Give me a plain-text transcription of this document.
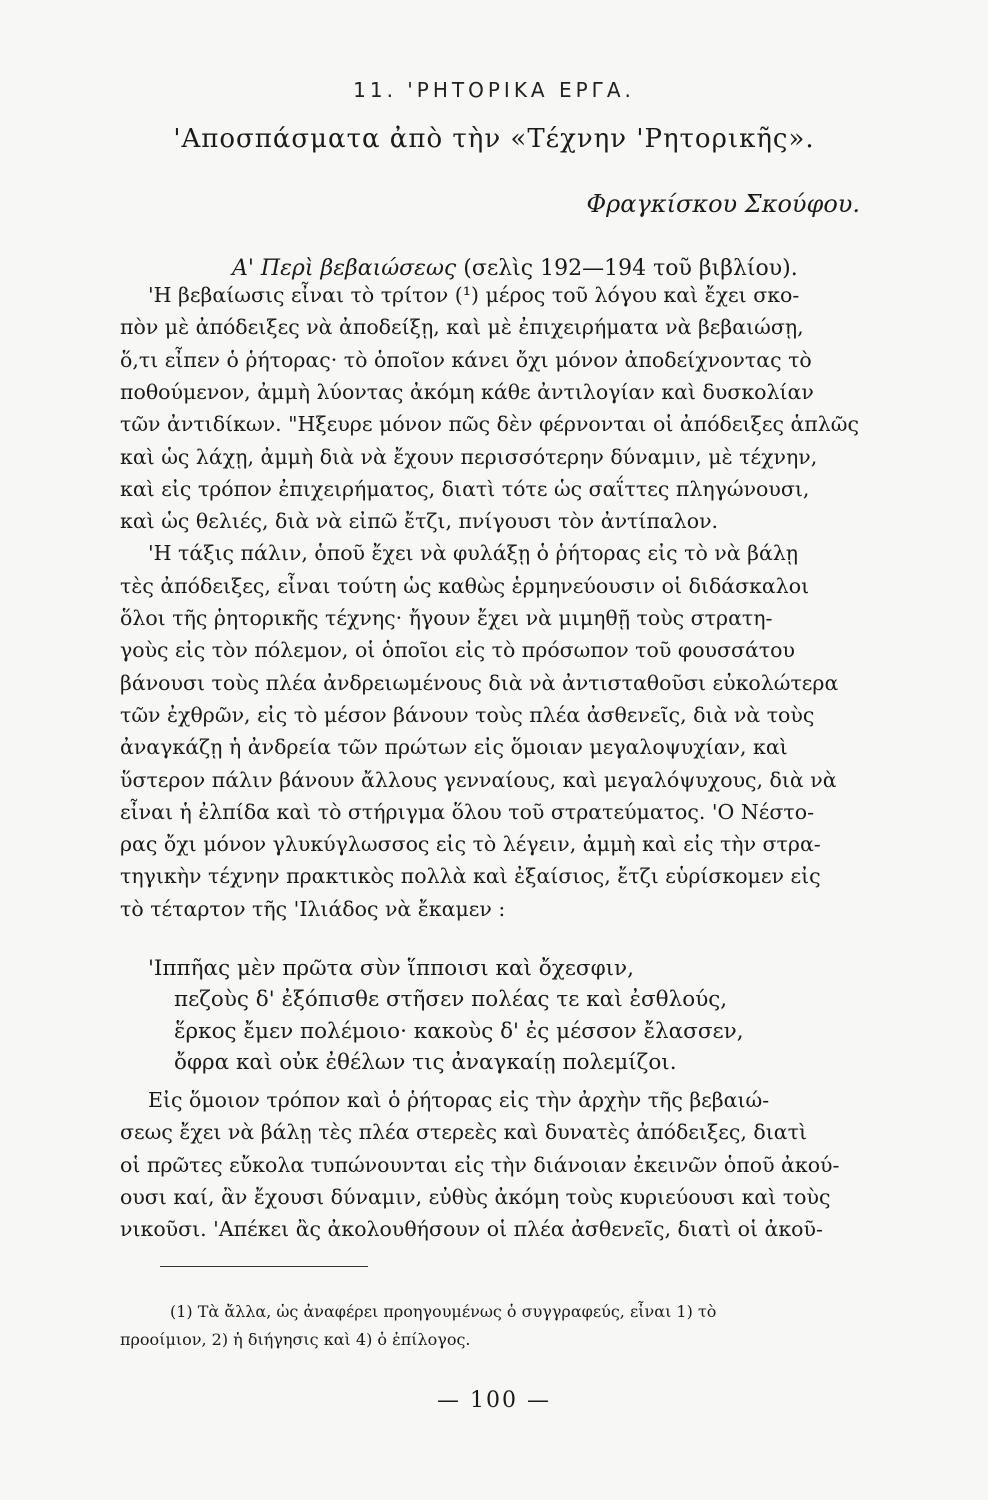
11. 'ΡΗΤΟΡΙΚΑ ΕΡΓΑ.
'Αποσπάσματα ἀπὸ τὴν «Τέχνην 'Ρητορικῆς».
Φραγκίσκου Σκούφου.
Α' Περὶ βεβαιώσεως (σελὶς 192—194 τοῦ βιβλίου).
'Η βεβαίωσις εἶναι τὸ τρίτον (¹) μέρος τοῦ λόγου καὶ ἔχει σκο-
πὸν μὲ ἀπόδειξες νὰ ἀποδείξῃ, καὶ μὲ ἐπιχειρήματα νὰ βεβαιώσῃ,
ὅ,τι εἶπεν ὁ ῥήτορας· τὸ ὁποῖον κάνει ὄχι μόνον ἀποδείχνοντας τὸ
ποθούμενον, ἀμμὴ λύοντας ἀκόμη κάθε ἀντιλογίαν καὶ δυσκολίαν
τῶν ἀντιδίκων. "Ηξευρε μόνον πῶς δὲν φέρνονται οἱ ἀπόδειξες ἁπλῶς
καὶ ὡς λάχῃ, ἀμμὴ διὰ νὰ ἔχουν περισσότερην δύναμιν, μὲ τέχνην,
καὶ εἰς τρόπον ἐπιχειρήματος, διατὶ τότε ὡς σαΐττες πληγώνουσι,
καὶ ὡς θελιές, διὰ νὰ εἰπῶ ἔτζι, πνίγουσι τὸν ἀντίπαλον.
'Η τάξις πάλιν, ὁποῦ ἔχει νὰ φυλάξῃ ὁ ῥήτορας εἰς τὸ νὰ βάλῃ
τὲς ἀπόδειξες, εἶναι τούτη ὡς καθὼς ἑρμηνεύουσιν οἱ διδάσκαλοι
ὅλοι τῆς ῥητορικῆς τέχνης· ἤγουν ἔχει νὰ μιμηθῇ τοὺς στρατη-
γοὺς εἰς τὸν πόλεμον, οἱ ὁποῖοι εἰς τὸ πρόσωπον τοῦ φουσσάτου
βάνουσι τοὺς πλέα ἀνδρειωμένους διὰ νὰ ἀντισταθοῦσι εὐκολώτερα
τῶν ἐχθρῶν, εἰς τὸ μέσον βάνουν τοὺς πλέα ἀσθενεῖς, διὰ νὰ τοὺς
ἀναγκάζῃ ἡ ἀνδρεία τῶν πρώτων εἰς ὅμοιαν μεγαλοψυχίαν, καὶ
ὕστερον πάλιν βάνουν ἄλλους γενναίους, καὶ μεγαλόψυχους, διὰ νὰ
εἶναι ἡ ἐλπίδα καὶ τὸ στήριγμα ὅλου τοῦ στρατεύματος. 'Ο Νέστο-
ρας ὄχι μόνον γλυκύγλωσσος εἰς τὸ λέγειν, ἀμμὴ καὶ εἰς τὴν στρα-
τηγικὴν τέχνην πρακτικὸς πολλὰ καὶ ἐξαίσιος, ἔτζι εὑρίσκομεν εἰς
τὸ τέταρτον τῆς 'Ιλιάδος νὰ ἔκαμεν :
'Ιππῆας μὲν πρῶτα σὺν ἵπποισι καὶ ὄχεσφιν,
πεζοὺς δ' ἐξόπισθε στῆσεν πολέας τε καὶ ἐσθλούς,
ἕρκος ἔμεν πολέμοιο· κακοὺς δ' ἐς μέσσον ἔλασσεν,
ὄφρα καὶ οὐκ ἐθέλων τις ἀναγκαίῃ πολεμίζοι.
Εἰς ὅμοιον τρόπον καὶ ὁ ῥήτορας εἰς τὴν ἀρχὴν τῆς βεβαιώ-
σεως ἔχει νὰ βάλῃ τὲς πλέα στερεὲς καὶ δυνατὲς ἀπόδειξες, διατὶ
οἱ πρῶτες εὔκολα τυπώνουνται εἰς τὴν διάνοιαν ἐκεινῶν ὁποῦ ἀκού-
ουσι καί, ἂν ἔχουσι δύναμιν, εὐθὺς ἀκόμη τοὺς κυριεύουσι καὶ τοὺς
νικοῦσι. 'Απέκει ἂς ἀκολουθήσουν οἱ πλέα ἀσθενεῖς, διατὶ οἱ ἀκοῦ-
(1) Τὰ ἄλλα, ὡς ἀναφέρει προηγουμένως ὁ συγγραφεύς, εἶναι 1) τὸ
προοίμιον, 2) ἡ διήγησις καὶ 4) ὁ ἐπίλογος.
— 100 —
